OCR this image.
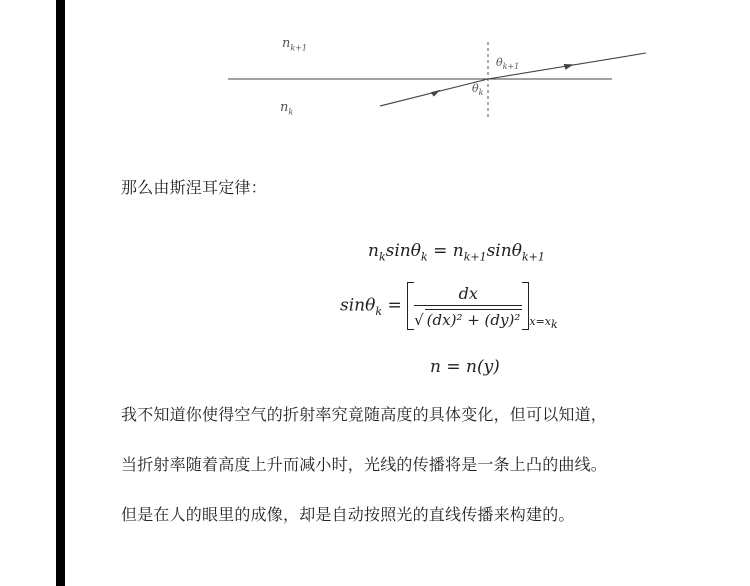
$n_{k+1}$
$n_k$
$\theta_{k+1}$
$\theta_k$
那么由斯涅耳定律：
$n_k\sin\theta_k = n_{k+1}\sin\theta_{k+1}$
$\sin\theta_k = \frac{dx}{\text{√ (dx)² + (dy)²}} _{x=x_k}$
n = n(y)
我不知道你使得空气的折射率究竟随高度的具体变化，但可以知道，
当折射率随着高度上升而减小时，光线的传播将是一条上凸的曲线。
但是在人的眼里的成像，却是自动按照光的直线传播来构建的。
